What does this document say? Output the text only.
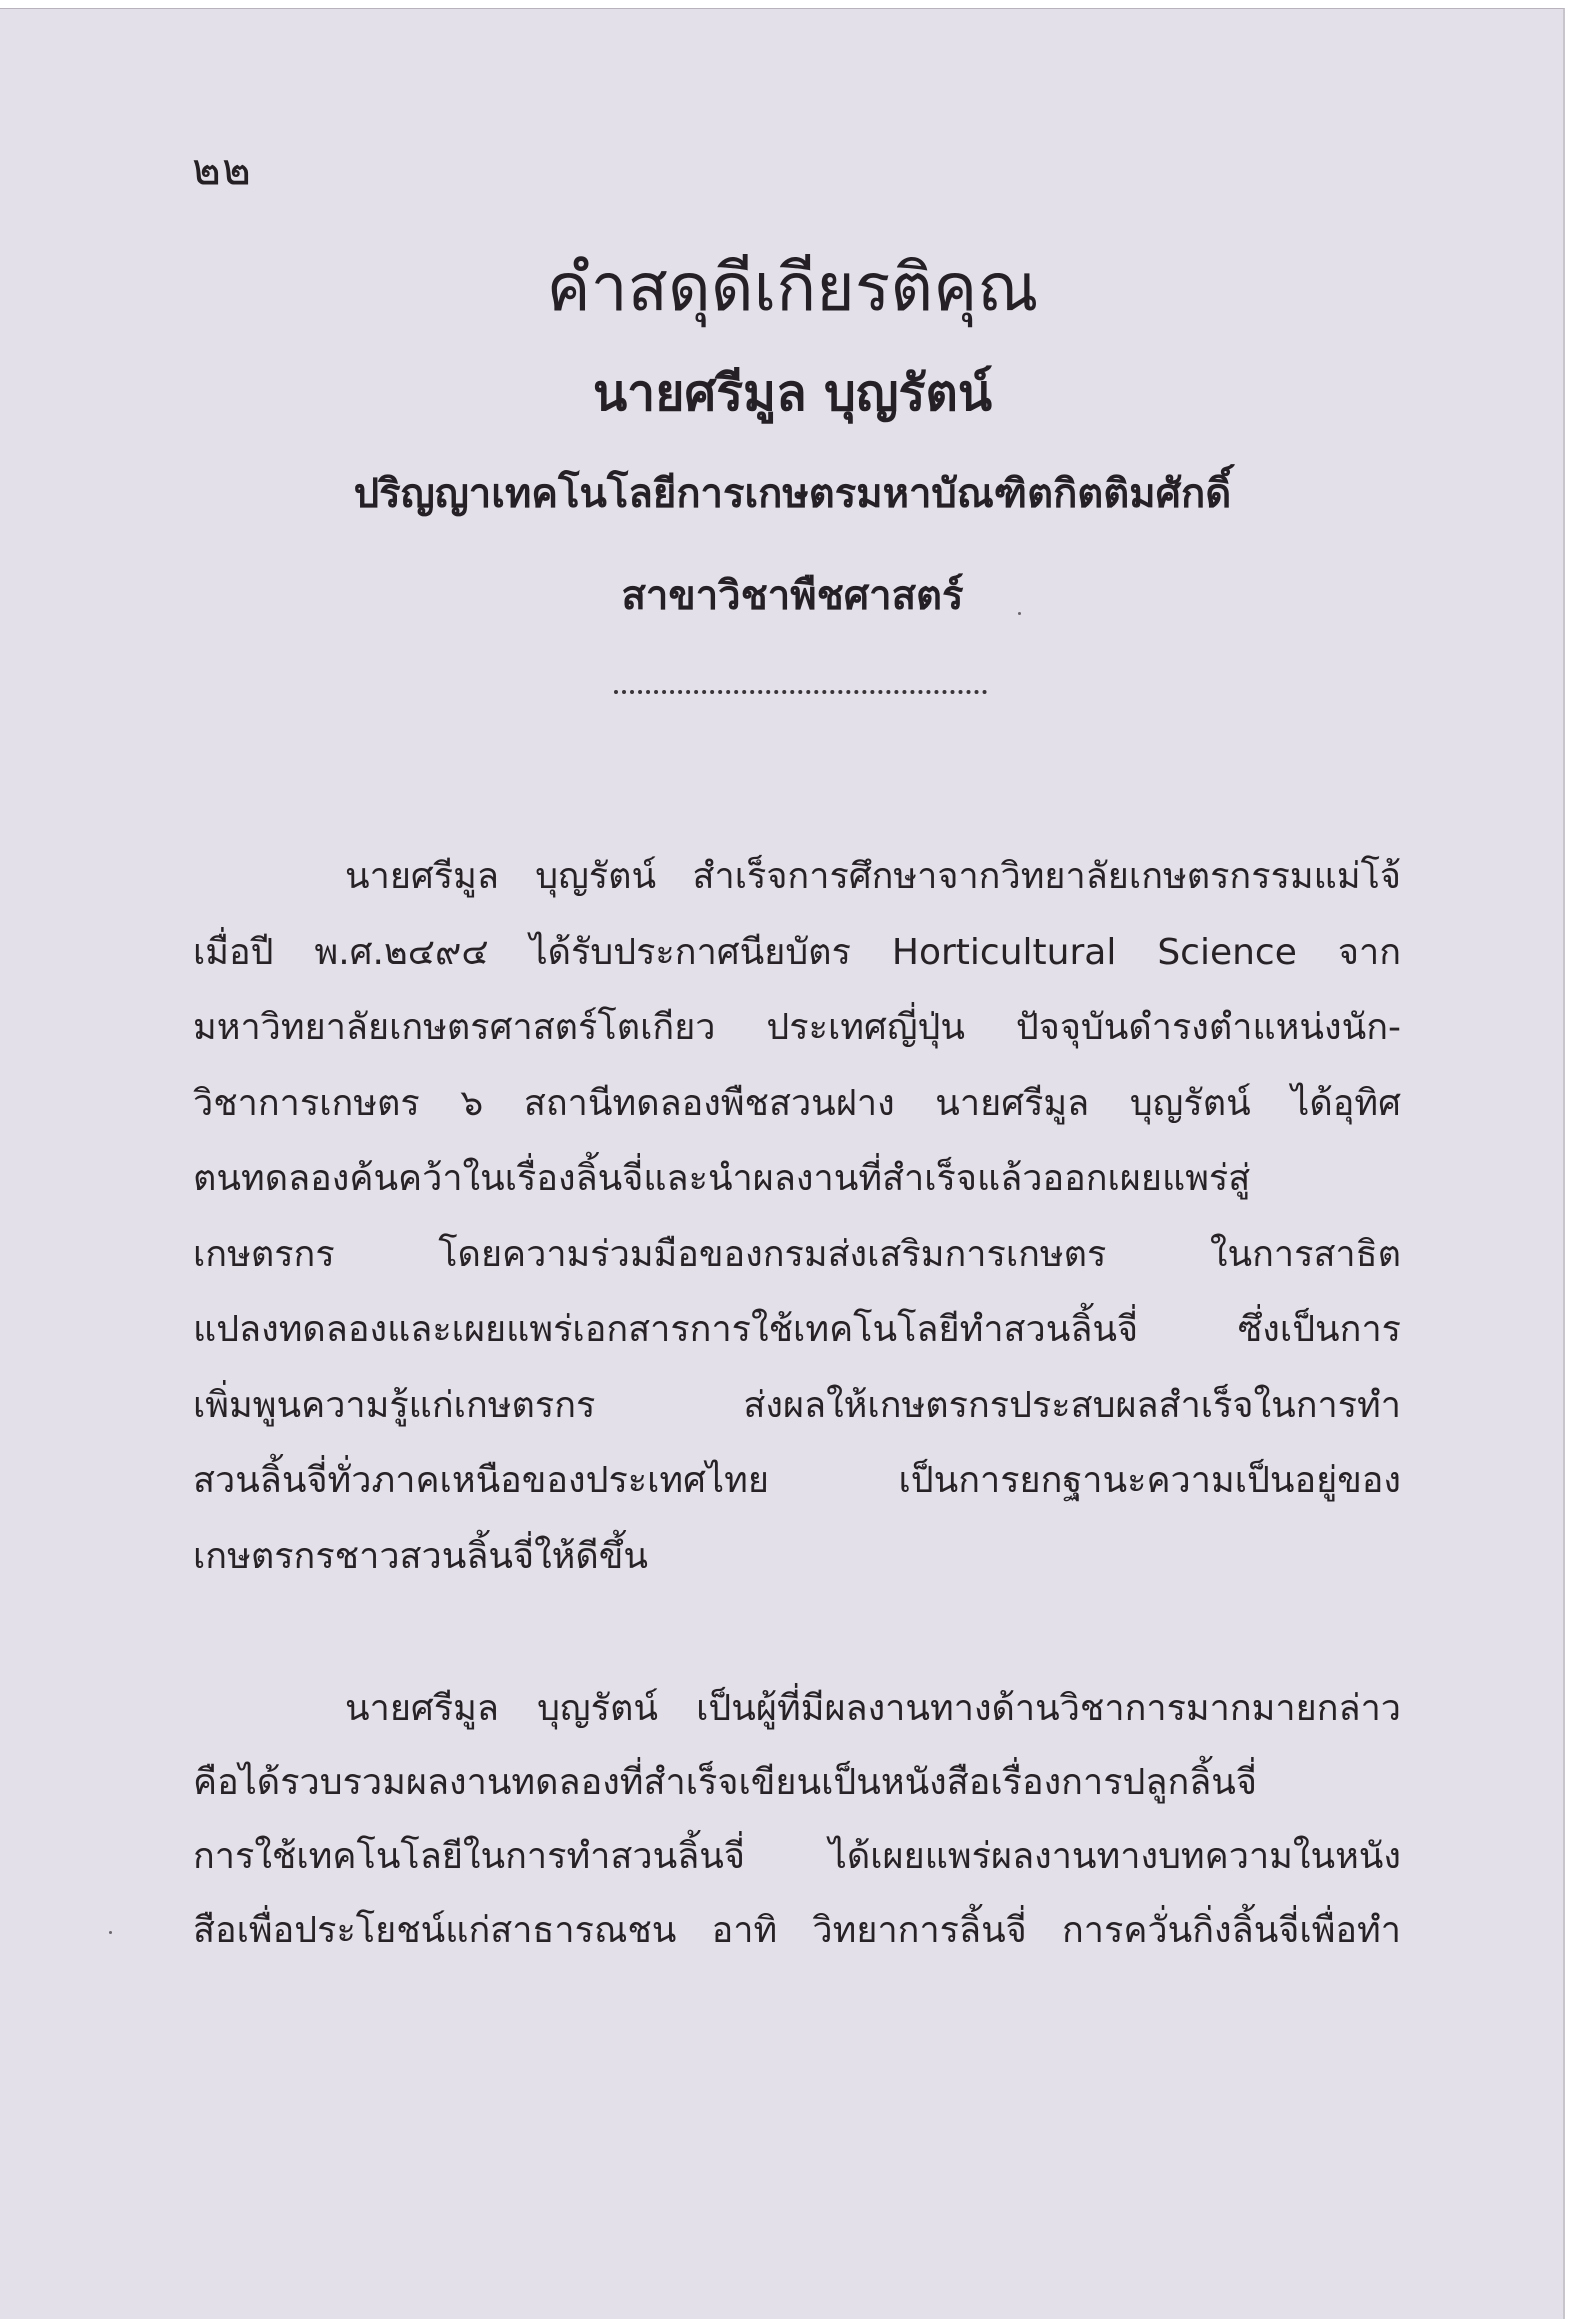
๒๒
คำสดุดีเกียรติคุณ
นายศรีมูล บุญรัตน์
ปริญญาเทคโนโลยีการเกษตรมหาบัณฑิตกิตติมศักดิ์
สาขาวิชาพืชศาสตร์
นายศรีมูล บุญรัตน์ สำเร็จการศึกษาจากวิทยาลัยเกษตรกรรมแม่โจ้
เมื่อปี พ.ศ.๒๔๙๔ ได้รับประกาศนียบัตร Horticultural Science จาก
มหาวิทยาลัยเกษตรศาสตร์โตเกียว ประเทศญี่ปุ่น ปัจจุบันดำรงตำแหน่งนัก-
วิชาการเกษตร ๖ สถานีทดลองพืชสวนฝาง นายศรีมูล บุญรัตน์ ได้อุทิศ
ตนทดลองค้นคว้าในเรื่องลิ้นจี่และนำผลงานที่สำเร็จแล้วออกเผยแพร่สู่
เกษตรกร โดยความร่วมมือของกรมส่งเสริมการเกษตร ในการสาธิต
แปลงทดลองและเผยแพร่เอกสารการใช้เทคโนโลยีทำสวนลิ้นจี่ ซึ่งเป็นการ
เพิ่มพูนความรู้แก่เกษตรกร ส่งผลให้เกษตรกรประสบผลสำเร็จในการทำ
สวนลิ้นจี่ทั่วภาคเหนือของประเทศไทย เป็นการยกฐานะความเป็นอยู่ของ
เกษตรกรชาวสวนลิ้นจี่ให้ดีขึ้น
นายศรีมูล บุญรัตน์ เป็นผู้ที่มีผลงานทางด้านวิชาการมากมายกล่าว
คือได้รวบรวมผลงานทดลองที่สำเร็จเขียนเป็นหนังสือเรื่องการปลูกลิ้นจี่
การใช้เทคโนโลยีในการทำสวนลิ้นจี่ ได้เผยแพร่ผลงานทางบทความในหนัง
สือเพื่อประโยชน์แก่สาธารณชน อาทิ วิทยาการลิ้นจี่ การควั่นกิ่งลิ้นจี่เพื่อทำ
